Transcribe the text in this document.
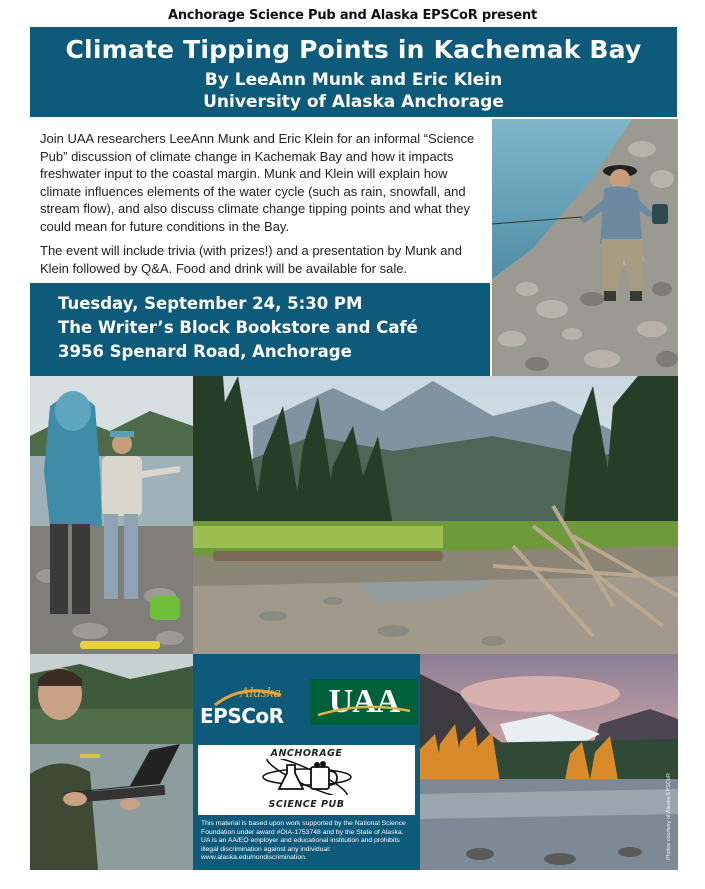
Anchorage Science Pub and Alaska EPSCoR present
Climate Tipping Points in Kachemak Bay
By LeeAnn Munk and Eric Klein
University of Alaska Anchorage

Join UAA researchers LeeAnn Munk and Eric Klein for an informal “Science Pub” discussion of climate change in Kachemak Bay and how it impacts freshwater input to the coastal margin. Munk and Klein will explain how climate influences elements of the water cycle (such as rain, snowfall, and stream flow), and also discuss climate change tipping points and what they could mean for future conditions in the Bay.

The event will include trivia (with prizes!) and a presentation by Munk and Klein followed by Q&A. Food and drink will be available for sale.

Tuesday, September 24, 5:30 PM
The Writer’s Block Bookstore and Café
3956 Spenard Road, Anchorage
Alaska
EPSCoR UAA
ANCHORAGE
SCIENCE PUB
This material is based upon work supported by the National Science Foundation under award #OIA-1753748 and by the State of Alaska. UA is an AA/EO employer and educational institution and prohibits illegal discrimination against any individual: www.alaska.edu/nondiscrimination.	Photos courtesy of Alaska EPSCoR
